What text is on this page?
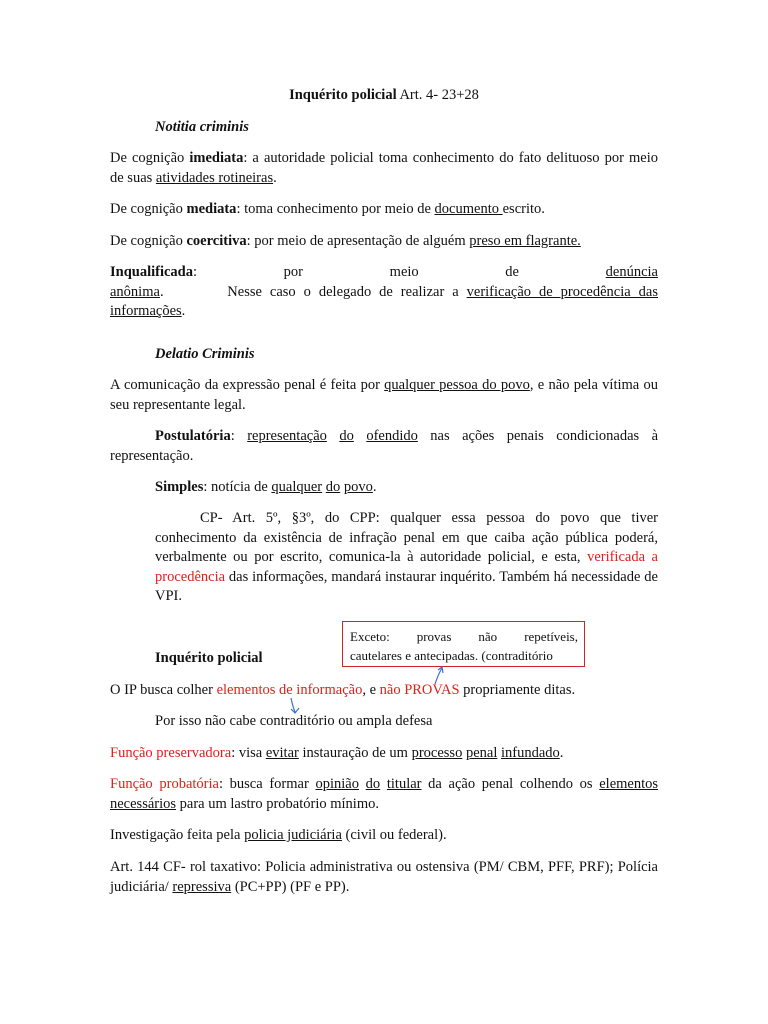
Inquérito policial Art. 4- 23+28

Notitia criminis

De cognição imediata: a autoridade policial toma conhecimento do fato delituoso por meio de suas atividades rotineiras.

De cognição mediata: toma conhecimento por meio de documento escrito.

De cognição coercitiva: por meio de apresentação de alguém preso em flagrante.

Inqualificada: por meio de denúncia anônima.        Nesse caso o delegado de realizar a verificação de procedência das informações.

Delatio Criminis

A comunicação da expressão penal é feita por qualquer pessoa do povo, e não pela vítima ou seu representante legal.

Postulatória: representação do ofendido nas ações penais condicionadas à representação.

Simples: notícia de qualquer do povo.

CP- Art. 5º, §3º, do CPP: qualquer essa pessoa do povo que tiver conhecimento da existência de infração penal em que caiba ação pública poderá, verbalmente ou por escrito, comunica-la à autoridade policial, e esta, verificada a procedência das informações, mandará instaurar inquérito. Também há necessidade de VPI.

Exceto: provas não repetíveis,
cautelares e antecipadas. (contraditório

Inquérito policial

O IP busca colher elementos de informação, e não PROVAS propriamente ditas.

Por isso não cabe contraditório ou ampla defesa

Função preservadora: visa evitar instauração de um processo penal infundado.

Função probatória: busca formar opinião do titular da ação penal colhendo os elementos necessários para um lastro probatório mínimo.

Investigação feita pela policia judiciária (civil ou federal).

Art. 144 CF- rol taxativo: Policia administrativa ou ostensiva (PM/ CBM, PFF, PRF); Polícia judiciária/ repressiva (PC+PP) (PF e PP).
